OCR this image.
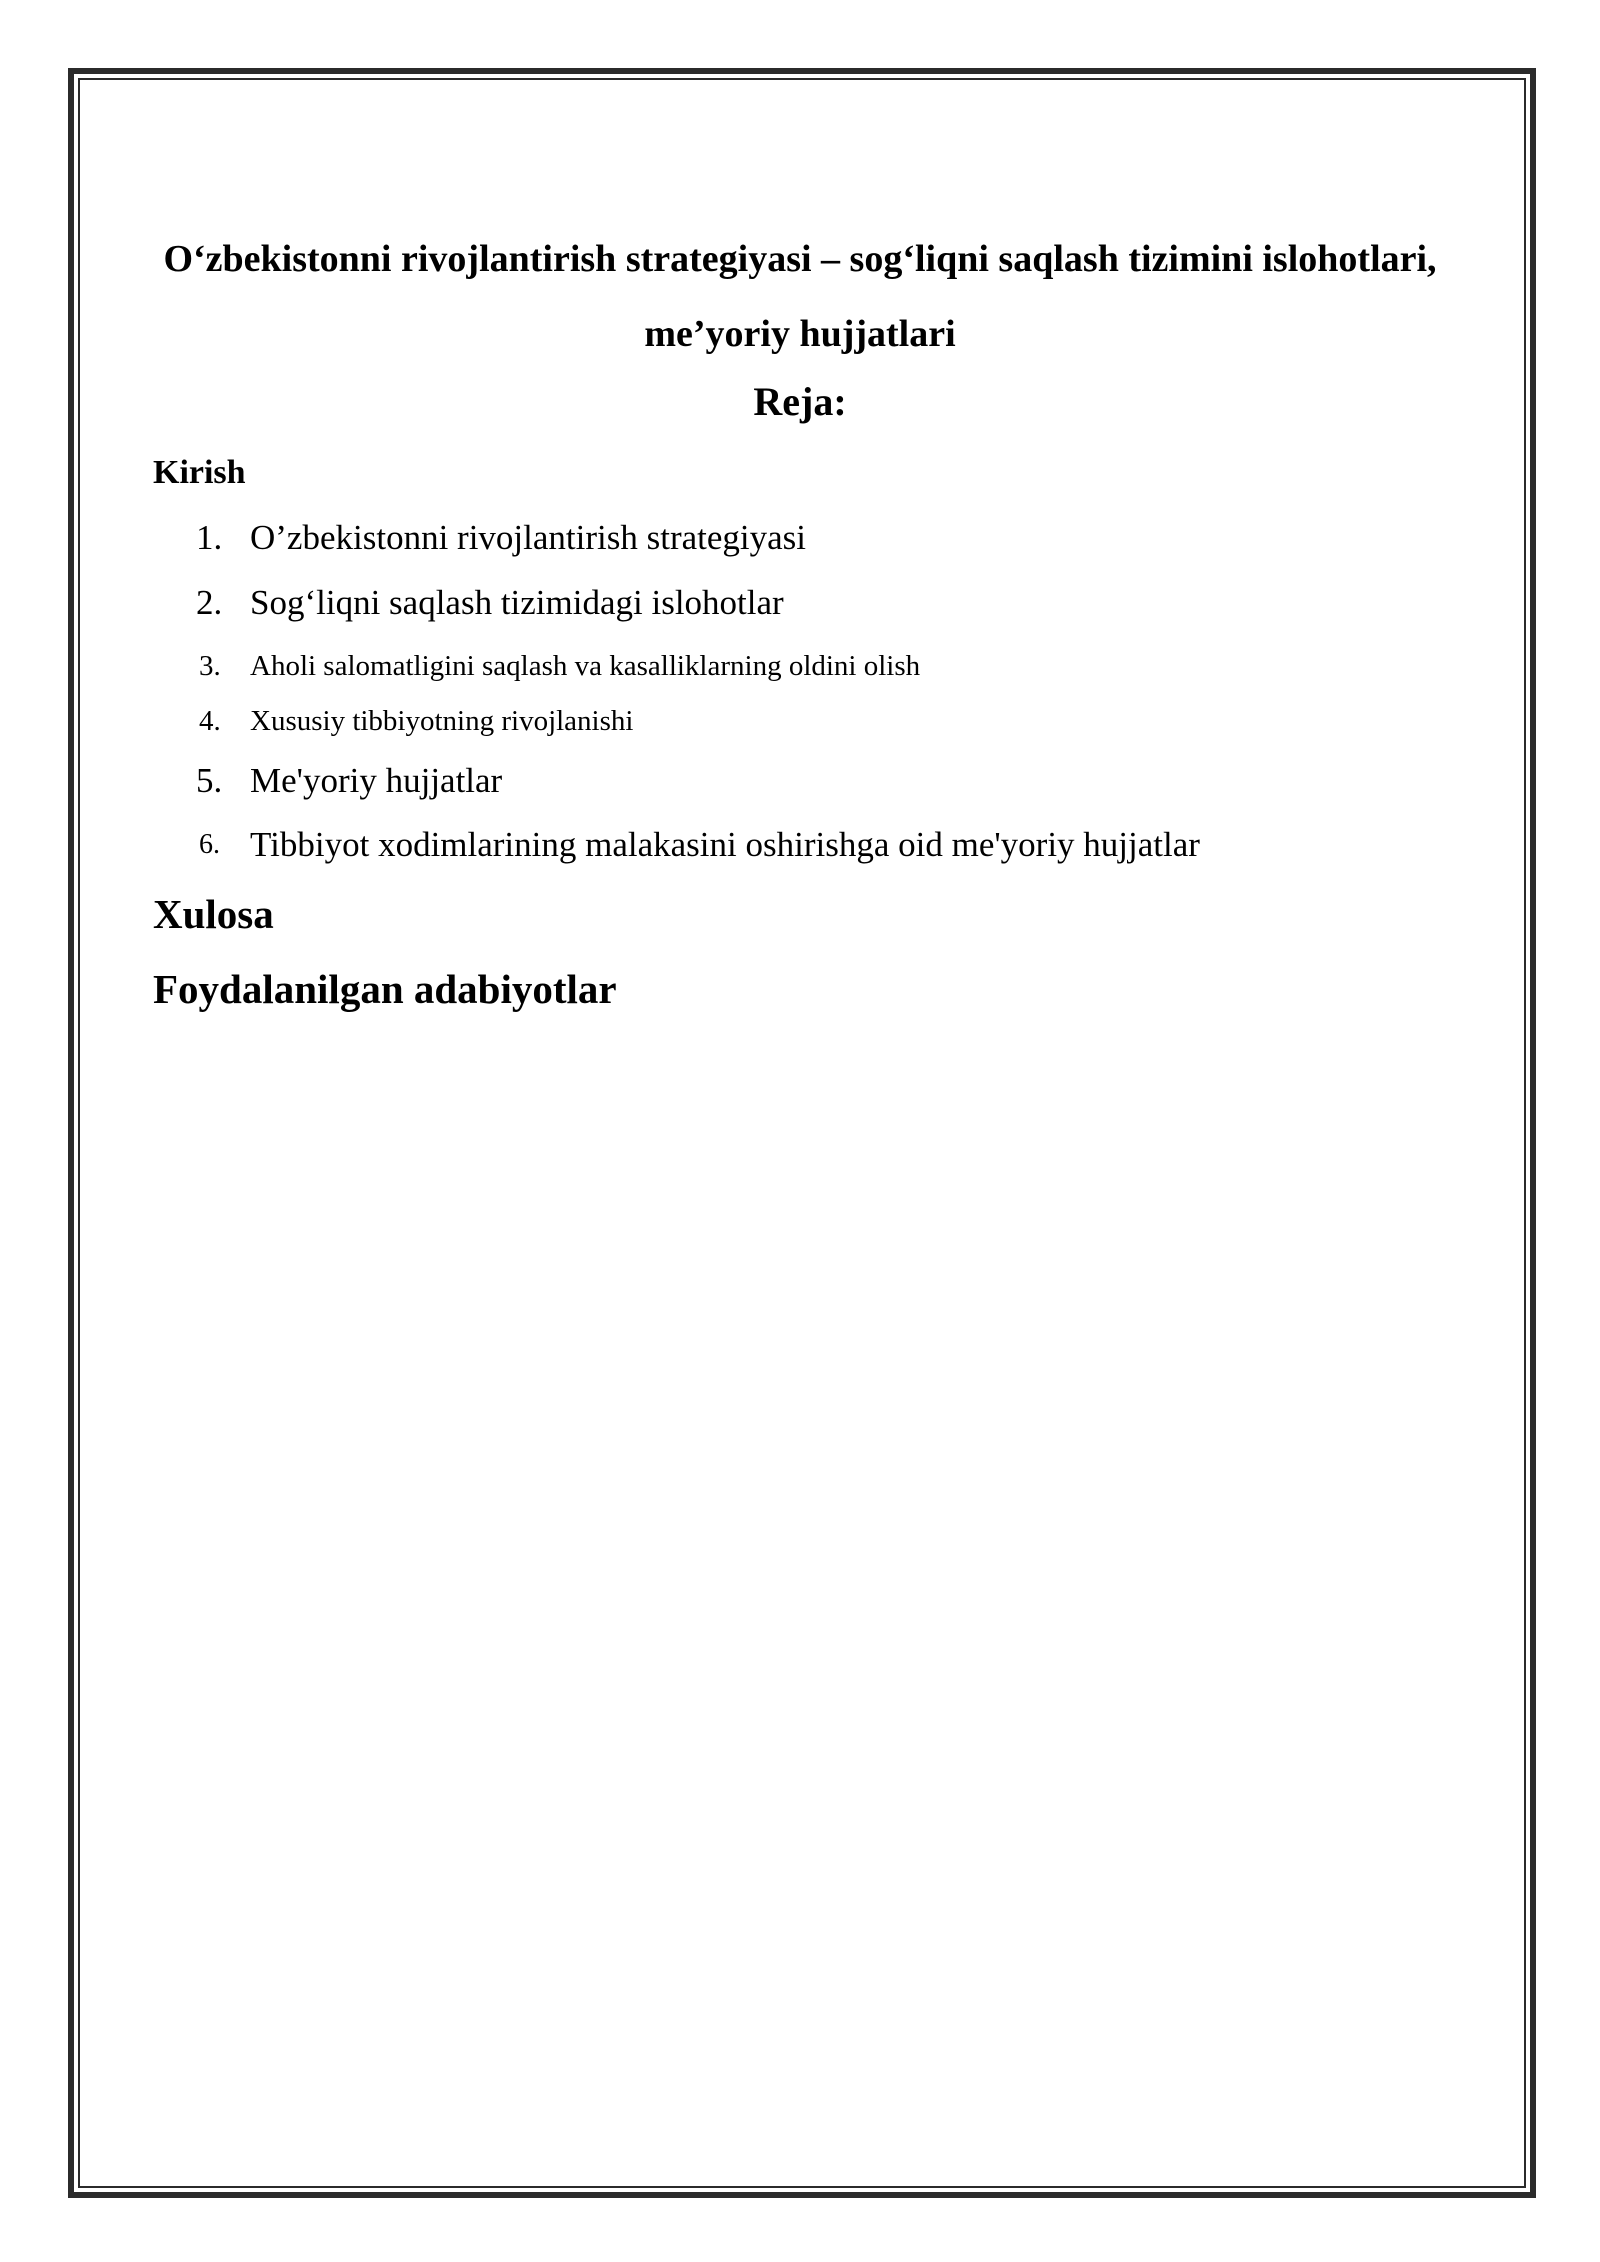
O‘zbekistonni rivojlantirish strategiyasi – sog‘liqni saqlash tizimini islohotlari, me’yoriy hujjatlari
Reja:
Kirish
1. O’zbekistonni rivojlantirish strategiyasi
2. Sog‘liqni saqlash tizimidagi islohotlar
3. Aholi salomatligini saqlash va kasalliklarning oldini olish
4. Xususiy tibbiyotning rivojlanishi
5. Me'yoriy hujjatlar
6. Tibbiyot xodimlarining malakasini oshirishga oid me'yoriy hujjatlar
Xulosa
Foydalanilgan adabiyotlar
